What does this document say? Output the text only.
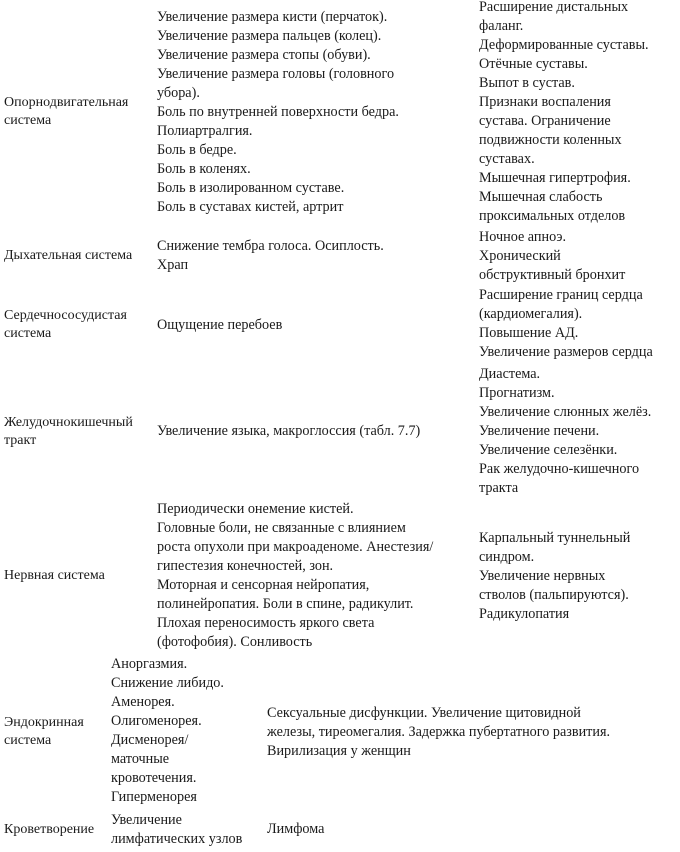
Опорнодвигательная
система
Увеличение размера кисти (перчаток).
Увеличение размера пальцев (колец).
Увеличение размера стопы (обуви).
Увеличение размера головы (головного
убора).
Боль по внутренней поверхности бедра.
Полиартралгия.
Боль в бедре.
Боль в коленях.
Боль в изолированном суставе.
Боль в суставах кистей, артрит
Расширение дистальных
фаланг.
Деформированные суставы.
Отёчные суставы.
Выпот в сустав.
Признаки воспаления
сустава. Ограничение
подвижности коленных
суставах.
Мышечная гипертрофия.
Мышечная слабость
проксимальных отделов
Дыхательная система
Снижение тембра голоса. Осиплость.
Храп
Ночное апноэ.
Хронический
обструктивный бронхит
Сердечнососудистая
система
Ощущение перебоев
Расширение границ сердца
(кардиомегалия).
Повышение АД.
Увеличение размеров сердца
Желудочнокишечный
тракт
Увеличение языка, макроглоссия (табл. 7.7)
Диастема.
Прогнатизм.
Увеличение слюнных желёз.
Увеличение печени.
Увеличение селезёнки.
Рак желудочно-кишечного
тракта
Нервная система
Периодически онемение кистей.
Головные боли, не связанные с влиянием
роста опухоли при макроаденоме. Анестезия/
гипестезия конечностей, зон.
Моторная и сенсорная нейропатия,
полинейропатия. Боли в спине, радикулит.
Плохая переносимость яркого света
(фотофобия). Сонливость
Карпальный туннельный
синдром.
Увеличение нервных
стволов (пальпируются).
Радикулопатия
Эндокринная
система
Аноргазмия.
Снижение либидо.
Аменорея.
Олигоменорея.
Дисменорея/
маточные
кровотечения.
Гиперменорея
Сексуальные дисфункции. Увеличение щитовидной
железы, тиреомегалия. Задержка пубертатного развития.
Вирилизация у женщин
Кроветворение
Увеличение
лимфатических узлов
Лимфома
